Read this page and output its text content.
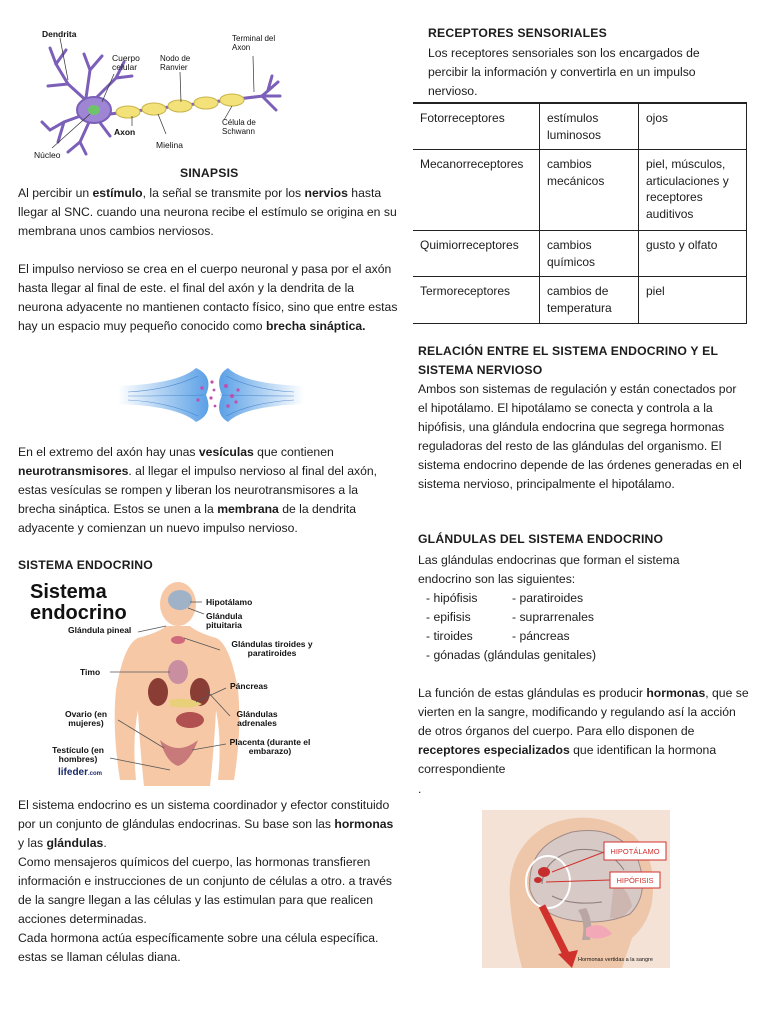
Dendrita
Cuerpo celular
Nodo de Ranvier
Terminal del Axon
Axon
Núcleo
Mielina
Célula de Schwann
SINAPSIS

Al percibir un estímulo, la señal se transmite por los nervios hasta llegar al SNC. cuando una neurona recibe el estímulo se origina en su membrana unos cambios nerviosos.

El impulso nervioso se crea en el cuerpo neuronal y pasa por el axón hasta llegar al final de este. el final del axón y la dendrita de la neurona adyacente no mantienen contacto físico, sino que entre estas hay un espacio muy pequeño conocido como brecha sináptica.

En el extremo del axón hay unas vesículas que contienen neurotransmisores. al llegar el impulso nervioso al final del axón, estas vesículas se rompen y liberan los neurotransmisores a la brecha sináptica. Estos se unen a la membrana de la dendrita adyacente y comienzan un nuevo impulso nervioso.

SISTEMA ENDOCRINO
Sistema
endocrino	Hipotálamo
Glándula pituitaria
Glándula pineal
Glándulas tiroides y paratiroides
Timo
Páncreas
Glándulas adrenales
Ovario (en mujeres)
Placenta (durante el embarazo)
Testículo (en hombres)
lifeder.com

El sistema endocrino es un sistema coordinador y efector constituido por un conjunto de glándulas endocrinas. Su base son las hormonas y las glándulas.

Como mensajeros químicos del cuerpo, las hormonas transfieren información e instrucciones de un conjunto de células a otro. a través de la sangre llegan a las células y las estimulan para que realicen acciones determinadas.

Cada hormona actúa específicamente sobre una célula específica. estas se llaman células diana.

RECEPTORES SENSORIALES

Los receptores sensoriales son los encargados de percibir la información y convertirla en un impulso nervioso.

Fotorreceptores	estímulos luminosos	ojos
Mecanorreceptores	cambios mecánicos	piel, músculos, articulaciones y receptores auditivos
Quimiorreceptores	cambios químicos	gusto y olfato
Termoreceptores	cambios de temperatura	piel
RELACIÓN ENTRE EL SISTEMA ENDOCRINO Y EL SISTEMA NERVIOSO

Ambos son sistemas de regulación y están conectados por el hipotálamo. El hipotálamo se conecta y controla a la hipófisis, una glándula endocrina que segrega hormonas reguladoras del resto de las glándulas del organismo. El sistema endocrino depende de las órdenes generadas en el sistema nervioso, principalmente el hipotálamo.

GLÁNDULAS DEL SISTEMA ENDOCRINO

Las glándulas endocrinas que forman el sistema endocrino son las siguientes:

- hipófisis	- paratiroides
- epifisis	- suprarrenales
- tiroides	- páncreas
- gónadas (glándulas genitales)

La función de estas glándulas es producir hormonas, que se vierten en la sangre, modificando y regulando así la acción de otros órganos del cuerpo. Para ello disponen de receptores especializados que identifican la hormona correspondiente

.
HIPOTÁLAMO
HIPÓFISIS
Hormonas vertidas a la sangre
